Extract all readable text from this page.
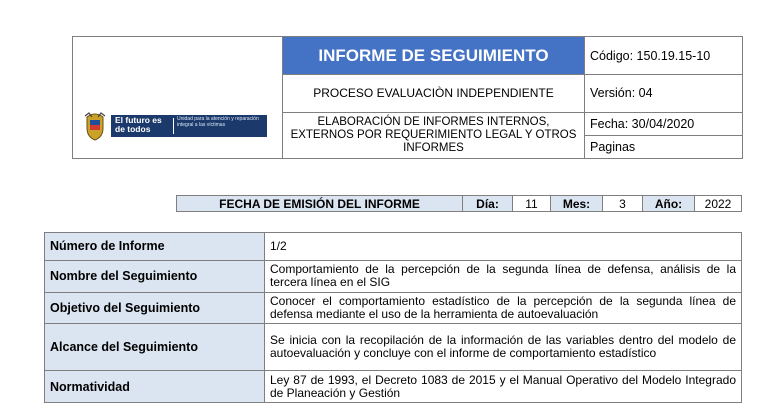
El futuro es de todos
Unidad para la atención y reparación integral a las víctimas	INFORME DE SEGUIMIENTO	Código: 150.19.15-10
	PROCESO EVALUACIÒN INDEPENDIENTE	Versión: 04
	ELABORACIÓN DE INFORMES INTERNOS, EXTERNOS POR REQUERIMIENTO LEGAL Y OTROS INFORMES	Fecha: 30/04/2020
		Paginas
FECHA DE EMISIÓN DEL INFORME	Día:	11	Mes:	3	Año:	2022
Número de Informe	1/2
Nombre del Seguimiento	Comportamiento de la percepción de la segunda línea de defensa, análisis de la tercera línea en el SIG
Objetivo del Seguimiento	Conocer el comportamiento estadístico de la percepción de la segunda línea de defensa mediante el uso de la herramienta de autoevaluación
Alcance del Seguimiento	Se inicia con la recopilación de la información de las variables dentro del modelo de autoevaluación y concluye con el informe de comportamiento estadístico
Normatividad	Ley 87 de 1993, el Decreto 1083 de 2015 y el Manual Operativo del Modelo Integrado de Planeación y Gestión
